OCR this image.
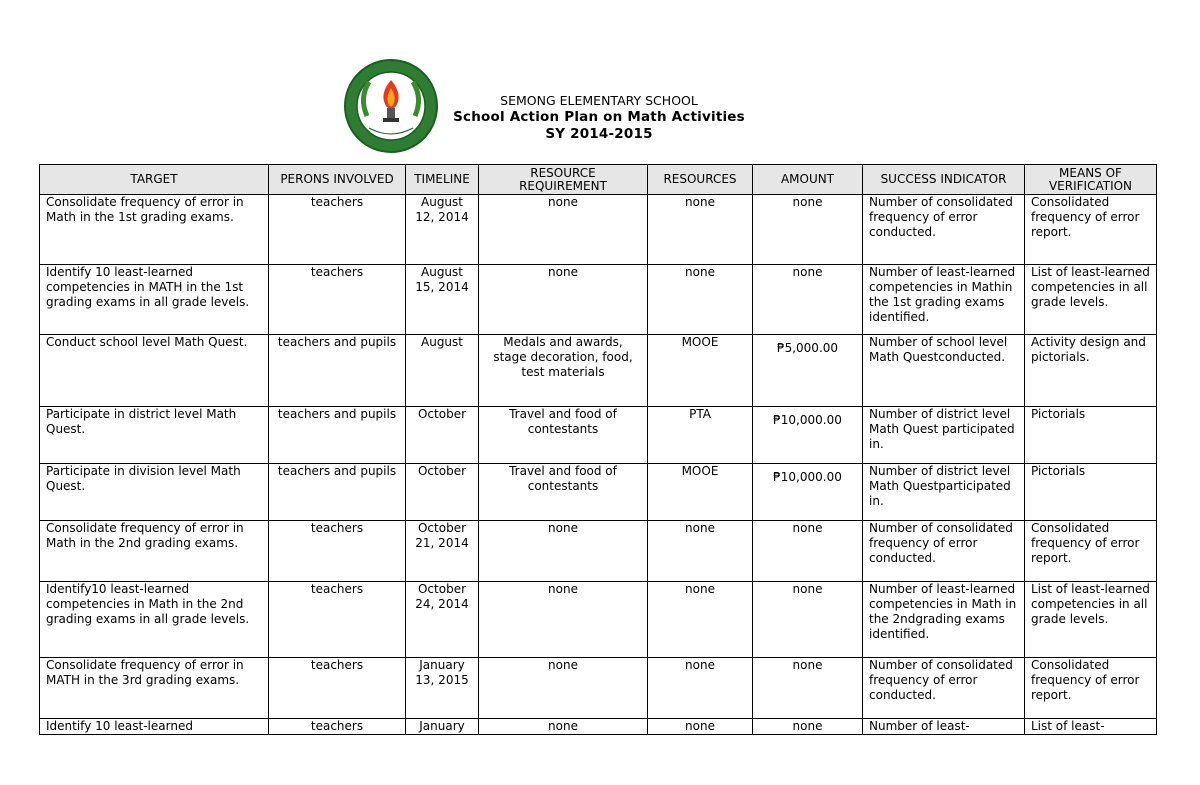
SEMONG ELEMENTARY SCHOOL
School Action Plan on Math Activities
SY 2014-2015
TARGET	PERONS INVOLVED	TIMELINE	RESOURCE REQUIREMENT	RESOURCES	AMOUNT	SUCCESS INDICATOR	MEANS OF VERIFICATION
Consolidate frequency of error in Math in the 1st grading exams.	teachers	August 12, 2014	none	none	none	Number of consolidated frequency of error conducted.	Consolidated frequency of error report.
Identify 10 least-learned competencies in MATH in the 1st grading exams in all grade levels.	teachers	August 15, 2014	none	none	none	Number of least-learned competencies in Mathin the 1st grading exams identified.	List of least-learned competencies in all grade levels.
Conduct school level Math Quest.	teachers and pupils	August	Medals and awards, stage decoration, food, test materials	MOOE	₱5,000.00	Number of school level Math Questconducted.	Activity design and pictorials.
Participate in district level Math Quest.	teachers and pupils	October	Travel and food of contestants	PTA	₱10,000.00	Number of district level Math Quest participated in.	Pictorials
Participate in division level Math Quest.	teachers and pupils	October	Travel and food of contestants	MOOE	₱10,000.00	Number of district level Math Questparticipated in.	Pictorials
Consolidate frequency of error in Math in the 2nd grading exams.	teachers	October 21, 2014	none	none	none	Number of consolidated frequency of error conducted.	Consolidated frequency of error report.
Identify10 least-learned competencies in Math in the 2nd grading exams in all grade levels.	teachers	October 24, 2014	none	none	none	Number of least-learned competencies in Math in the 2ndgrading exams identified.	List of least-learned competencies in all grade levels.
Consolidate frequency of error in MATH in the 3rd grading exams.	teachers	January 13, 2015	none	none	none	Number of consolidated frequency of error conducted.	Consolidated frequency of error report.
Identify 10 least-learned	teachers	January	none	none	none	Number of least-	List of least-
